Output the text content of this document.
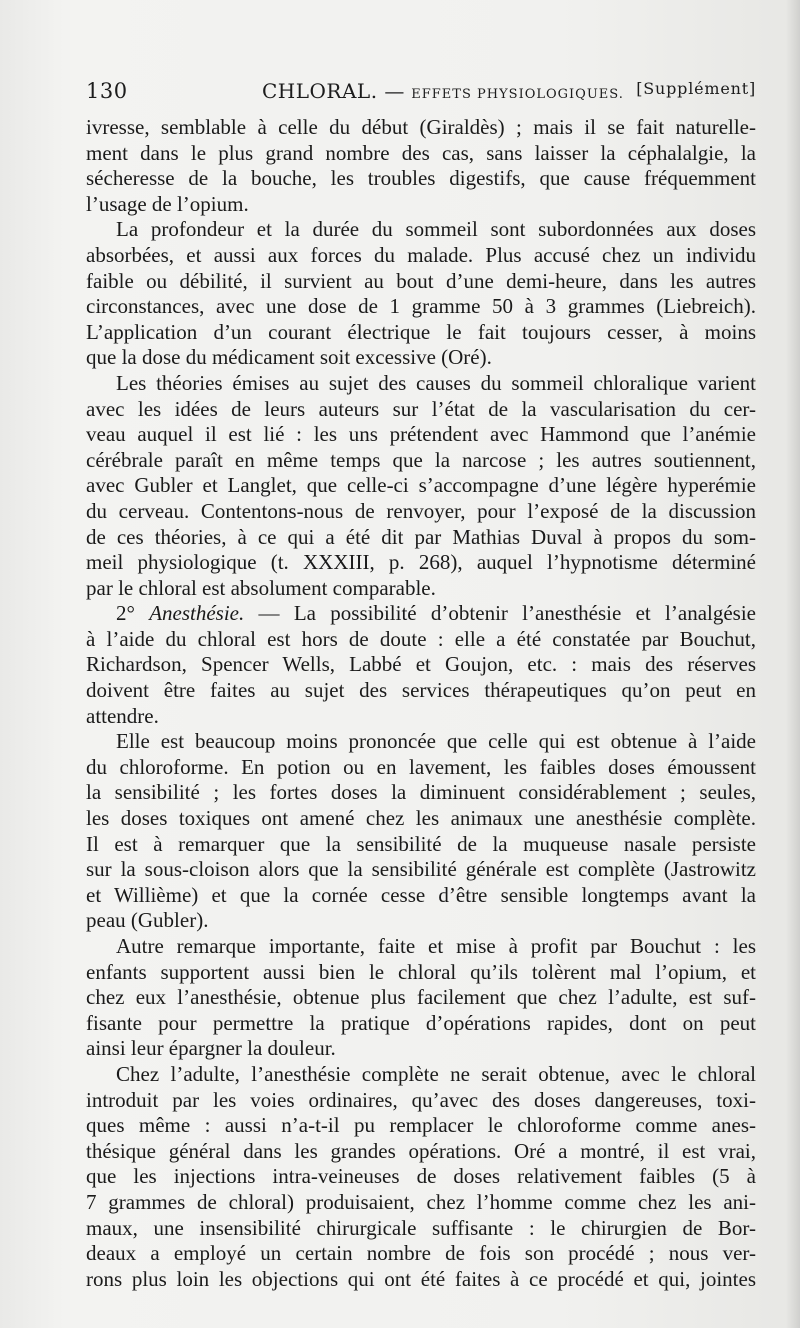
130	CHLORAL. — EFFETS PHYSIOLOGIQUES. [Supplément]
ivresse, semblable à celle du début (Giraldès) ; mais il se fait naturelle-
ment dans le plus grand nombre des cas, sans laisser la céphalalgie, la
sécheresse de la bouche, les troubles digestifs, que cause fréquemment
l’usage de l’opium.
La profondeur et la durée du sommeil sont subordonnées aux doses
absorbées, et aussi aux forces du malade. Plus accusé chez un individu
faible ou débilité, il survient au bout d’une demi-heure, dans les autres
circonstances, avec une dose de 1 gramme 50 à 3 grammes (Liebreich).
L’application d’un courant électrique le fait toujours cesser, à moins
que la dose du médicament soit excessive (Oré).
Les théories émises au sujet des causes du sommeil chloralique varient
avec les idées de leurs auteurs sur l’état de la vascularisation du cer-
veau auquel il est lié : les uns prétendent avec Hammond que l’anémie
cérébrale paraît en même temps que la narcose ; les autres soutiennent,
avec Gubler et Langlet, que celle-ci s’accompagne d’une légère hyperémie
du cerveau. Contentons-nous de renvoyer, pour l’exposé de la discussion
de ces théories, à ce qui a été dit par Mathias Duval à propos du som-
meil physiologique (t. XXXIII, p. 268), auquel l’hypnotisme déterminé
par le chloral est absolument comparable.
2° Anesthésie. — La possibilité d’obtenir l’anesthésie et l’analgésie
à l’aide du chloral est hors de doute : elle a été constatée par Bouchut,
Richardson, Spencer Wells, Labbé et Goujon, etc. : mais des réserves
doivent être faites au sujet des services thérapeutiques qu’on peut en
attendre.
Elle est beaucoup moins prononcée que celle qui est obtenue à l’aide
du chloroforme. En potion ou en lavement, les faibles doses émoussent
la sensibilité ; les fortes doses la diminuent considérablement ; seules,
les doses toxiques ont amené chez les animaux une anesthésie complète.
Il est à remarquer que la sensibilité de la muqueuse nasale persiste
sur la sous-cloison alors que la sensibilité générale est complète (Jastrowitz
et Willième) et que la cornée cesse d’être sensible longtemps avant la
peau (Gubler).
Autre remarque importante, faite et mise à profit par Bouchut : les
enfants supportent aussi bien le chloral qu’ils tolèrent mal l’opium, et
chez eux l’anesthésie, obtenue plus facilement que chez l’adulte, est suf-
fisante pour permettre la pratique d’opérations rapides, dont on peut
ainsi leur épargner la douleur.
Chez l’adulte, l’anesthésie complète ne serait obtenue, avec le chloral
introduit par les voies ordinaires, qu’avec des doses dangereuses, toxi-
ques même : aussi n’a-t-il pu remplacer le chloroforme comme anes-
thésique général dans les grandes opérations. Oré a montré, il est vrai,
que les injections intra-veineuses de doses relativement faibles (5 à
7 grammes de chloral) produisaient, chez l’homme comme chez les ani-
maux, une insensibilité chirurgicale suffisante : le chirurgien de Bor-
deaux a employé un certain nombre de fois son procédé ; nous ver-
rons plus loin les objections qui ont été faites à ce procédé et qui, jointes
